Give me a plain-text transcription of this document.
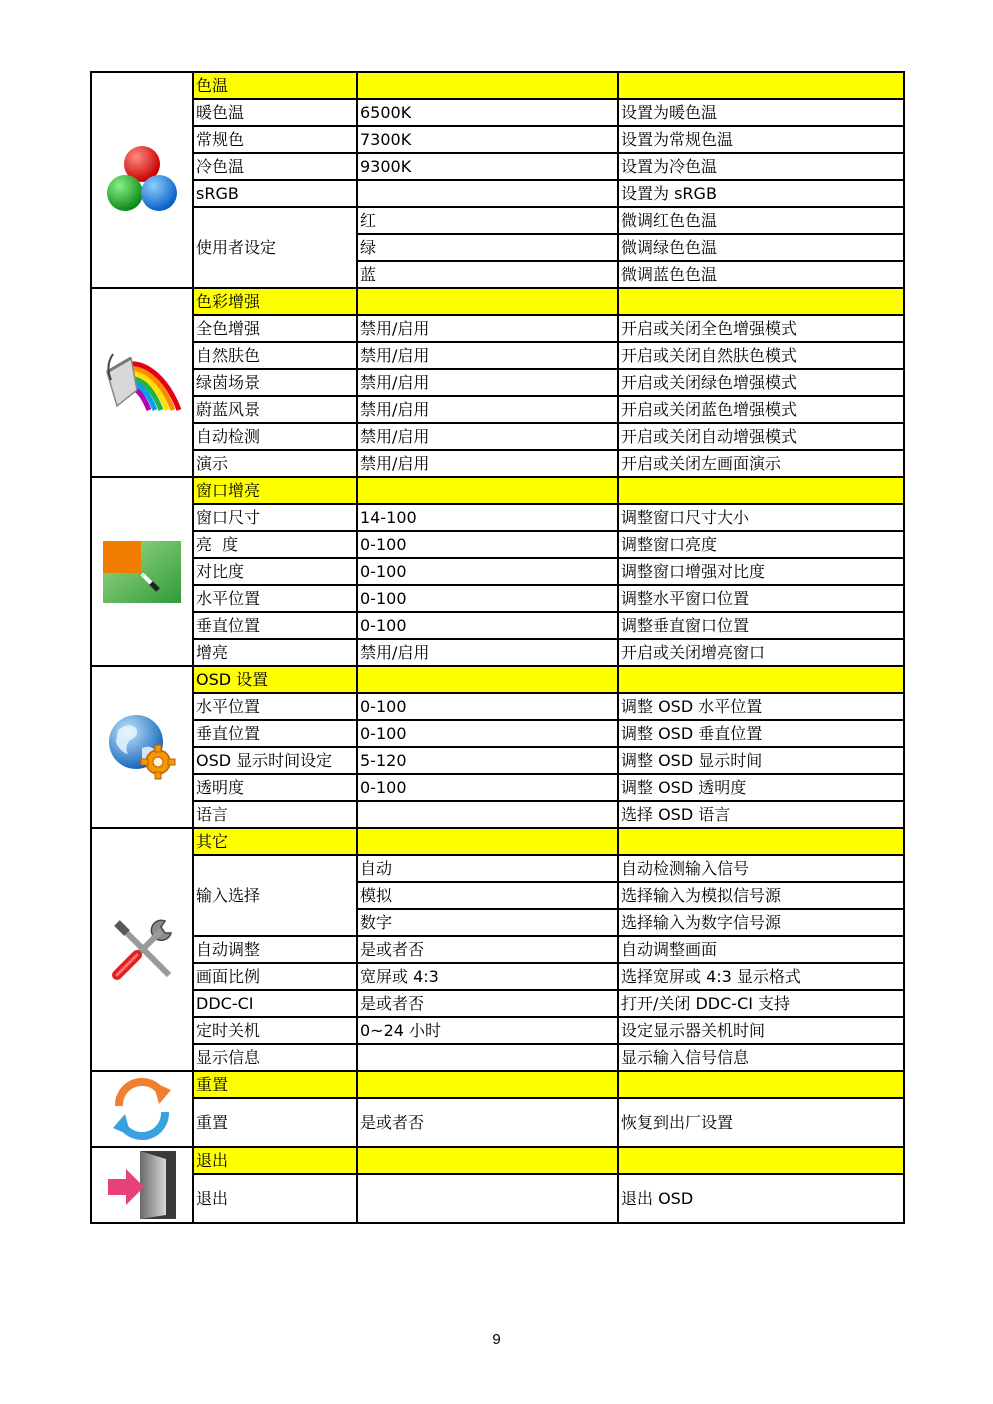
	色温		
	暖色温	6500K	设置为暖色温
	常规色	7300K	设置为常规色温
	冷色温	9300K	设置为冷色温
	sRGB		设置为 sRGB
	使用者设定	红	微调红色色温
		绿	微调绿色色温
		蓝	微调蓝色色温

	色彩增强		
	全色增强	禁用/启用	开启或关闭全色增强模式
	自然肤色	禁用/启用	开启或关闭自然肤色模式
	绿茵场景	禁用/启用	开启或关闭绿色增强模式
	蔚蓝风景	禁用/启用	开启或关闭蓝色增强模式
	自动检测	禁用/启用	开启或关闭自动增强模式
	演示	禁用/启用	开启或关闭左画面演示

	窗口增亮		
	窗口尺寸	14-100	调整窗口尺寸大小
	亮  度	0-100	调整窗口亮度
	对比度	0-100	调整窗口增强对比度
	水平位置	0-100	调整水平窗口位置
	垂直位置	0-100	调整垂直窗口位置
	增亮	禁用/启用	开启或关闭增亮窗口

	OSD 设置		
	水平位置	0-100	调整 OSD 水平位置
	垂直位置	0-100	调整 OSD 垂直位置
	OSD 显示时间设定	5-120	调整 OSD 显示时间
	透明度	0-100	调整 OSD 透明度
	语言		选择 OSD 语言

	其它		
	输入选择	自动	自动检测输入信号
		模拟	选择输入为模拟信号源
		数字	选择输入为数字信号源
	自动调整	是或者否	自动调整画面
	画面比例	宽屏或 4:3	选择宽屏或 4:3 显示格式
	DDC-CI	是或者否	打开/关闭 DDC-CI 支持
	定时关机	0~24 小时	设定显示器关机时间
	显示信息		显示输入信号信息

	重置		
	重置	是或者否	恢复到出厂设置

	退出		
	退出		退出 OSD
9
